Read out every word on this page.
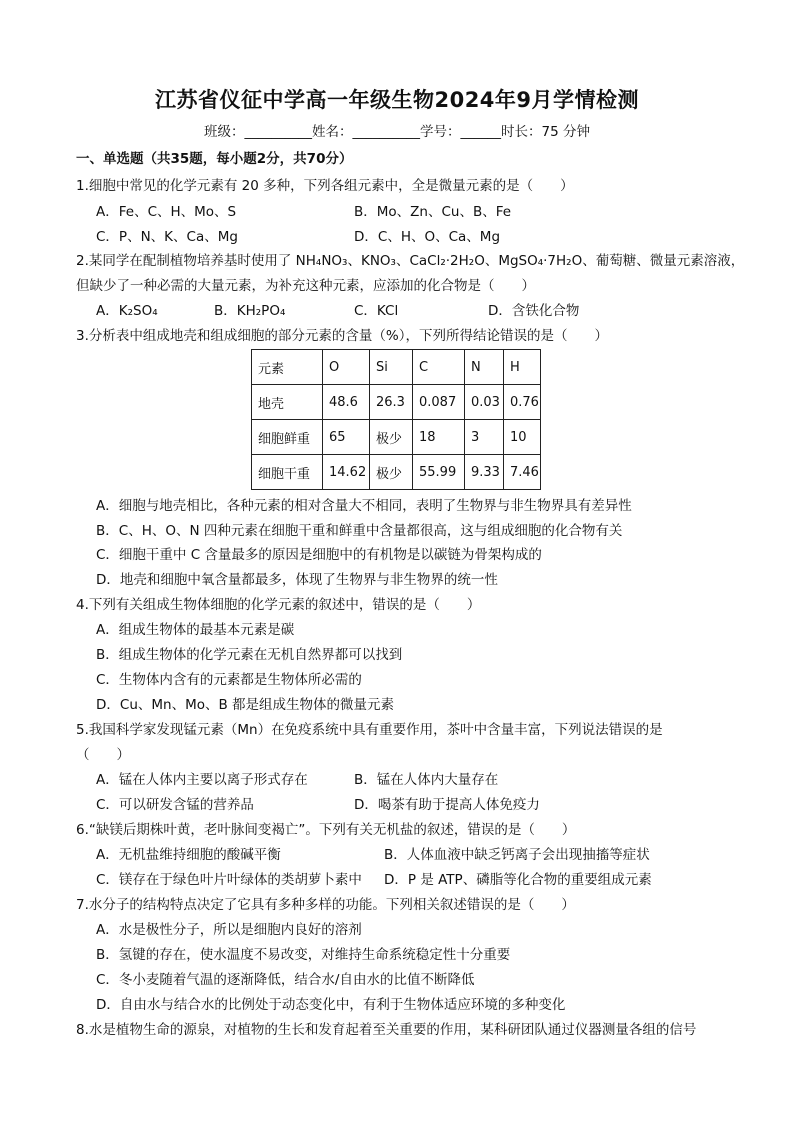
江苏省仪征中学高一年级生物2024年9月学情检测
班级：__________姓名：__________学号：______时长：75 分钟
一、单选题（共35题，每小题2分，共70分）
1.细胞中常见的化学元素有 20 多种，下列各组元素中，全是微量元素的是（　　）
A．Fe、C、H、Mo、S	B．Mo、Zn、Cu、B、Fe
C．P、N、K、Ca、Mg	D．C、H、O、Ca、Mg
2.某同学在配制植物培养基时使用了 NH₄NO₃、KNO₃、CaCl₂·2H₂O、MgSO₄·7H₂O、葡萄糖、微量元素溶液，
但缺少了一种必需的大量元素，为补充这种元素，应添加的化合物是（　　）
A．K₂SO₄	B．KH₂PO₄	C．KCl	D．含铁化合物
3.分析表中组成地壳和组成细胞的部分元素的含量（%），下列所得结论错误的是（　　）
元素	O	Si	C	N	H
地壳	48.6	26.3	0.087	0.03	0.76
细胞鲜重	65	极少	18	3	10
细胞干重	14.62	极少	55.99	9.33	7.46
A．细胞与地壳相比，各种元素的相对含量大不相同，表明了生物界与非生物界具有差异性
B．C、H、O、N 四种元素在细胞干重和鲜重中含量都很高，这与组成细胞的化合物有关
C．细胞干重中 C 含量最多的原因是细胞中的有机物是以碳链为骨架构成的
D．地壳和细胞中氧含量都最多，体现了生物界与非生物界的统一性
4.下列有关组成生物体细胞的化学元素的叙述中，错误的是（　　）
A．组成生物体的最基本元素是碳
B．组成生物体的化学元素在无机自然界都可以找到
C．生物体内含有的元素都是生物体所必需的
D．Cu、Mn、Mo、B 都是组成生物体的微量元素
5.我国科学家发现锰元素（Mn）在免疫系统中具有重要作用，茶叶中含量丰富，下列说法错误的是
（　　）
A．锰在人体内主要以离子形式存在	B．锰在人体内大量存在
C．可以研发含锰的营养品	D．喝茶有助于提高人体免疫力
6.“缺镁后期株叶黄，老叶脉间变褐亡”。下列有关无机盐的叙述，错误的是（　　）
A．无机盐维持细胞的酸碱平衡	B．人体血液中缺乏钙离子会出现抽搐等症状
C．镁存在于绿色叶片叶绿体的类胡萝卜素中 D．P 是 ATP、磷脂等化合物的重要组成元素
7.水分子的结构特点决定了它具有多种多样的功能。下列相关叙述错误的是（　　）
A．水是极性分子，所以是细胞内良好的溶剂
B．氢键的存在，使水温度不易改变，对维持生命系统稳定性十分重要
C．冬小麦随着气温的逐渐降低，结合水/自由水的比值不断降低
D．自由水与结合水的比例处于动态变化中，有利于生物体适应环境的多种变化
8.水是植物生命的源泉，对植物的生长和发育起着至关重要的作用，某科研团队通过仪器测量各组的信号
